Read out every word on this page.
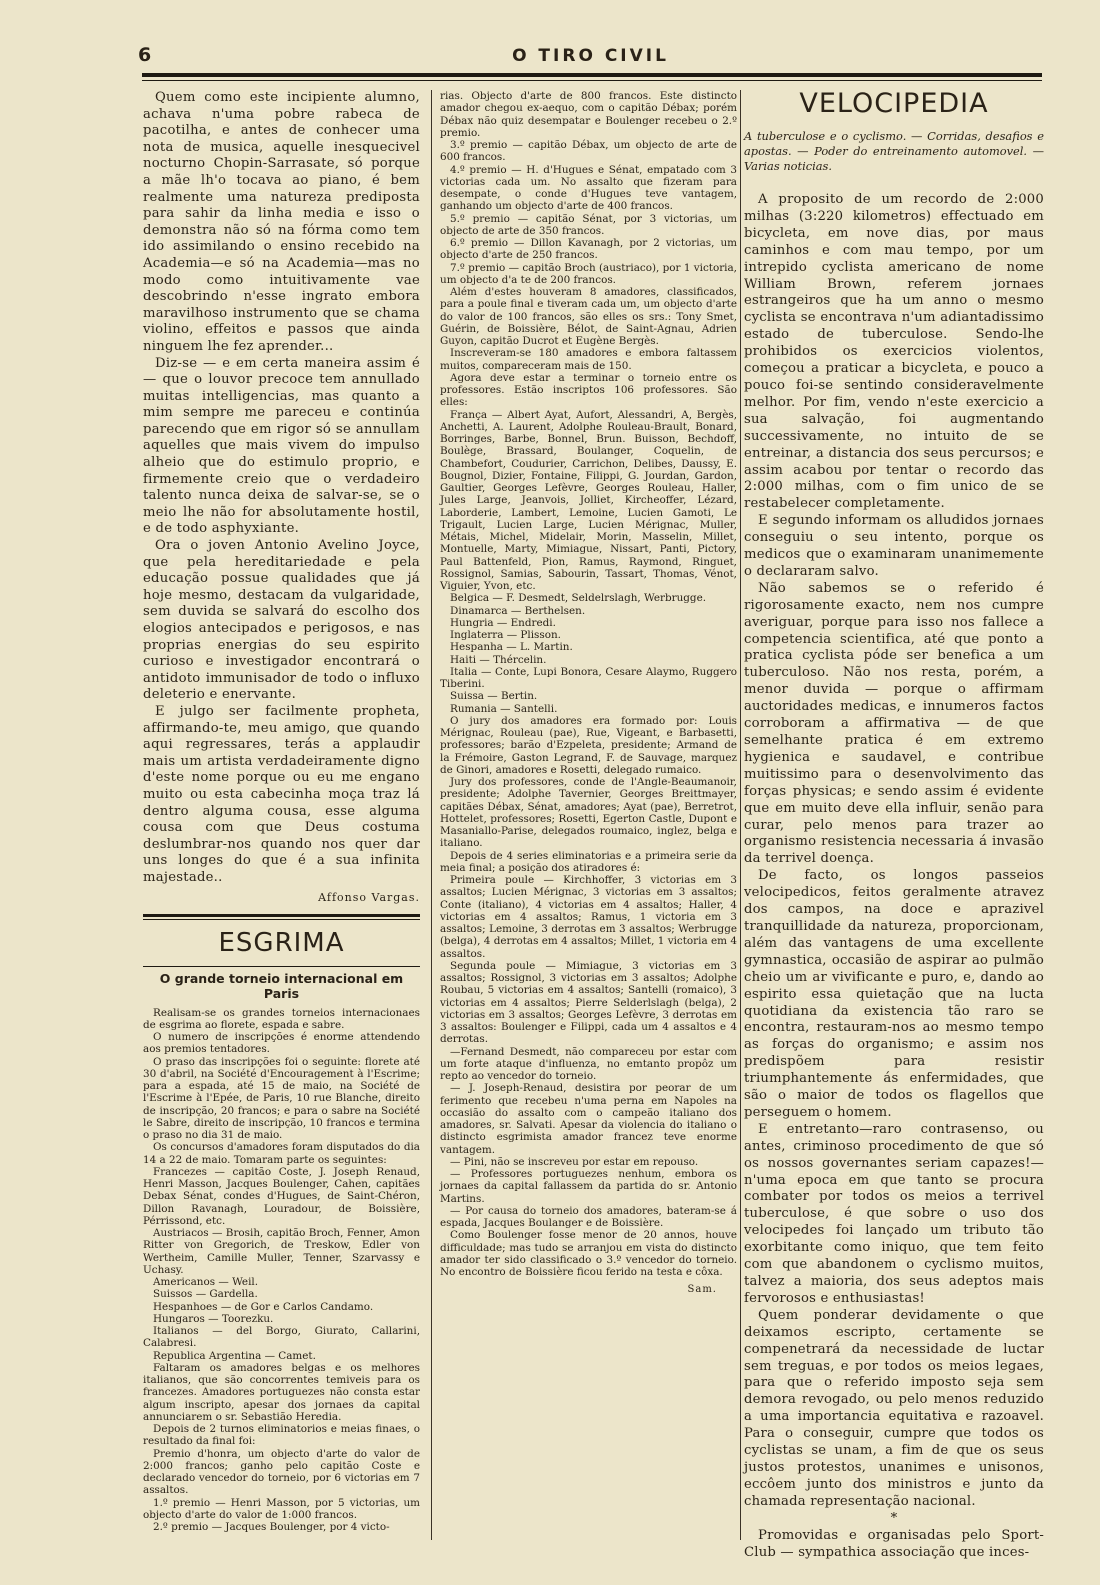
6	O TIRO CIVIL

Quem como este incipiente alumno, achava n'uma pobre rabeca de pacotilha, e antes de conhecer uma nota de musica, aquelle inesquecivel nocturno Chopin-Sarrasate, só porque a mãe lh'o tocava ao piano, é bem realmente uma natureza prediposta para sahir da linha media e isso o demonstra não só na fórma como tem ido assimilando o ensino recebido na Academia—e só na Academia—mas no modo como intuitivamente vae descobrindo n'esse ingrato embora maravilhoso instrumento que se chama violino, effeitos e passos que ainda ninguem lhe fez aprender...

Diz-se — e em certa maneira assim é — que o louvor precoce tem annullado muitas intelligencias, mas quanto a mim sempre me pareceu e continúa parecendo que em rigor só se annullam aquelles que mais vivem do impulso alheio que do estimulo proprio, e firmemente creio que o verdadeiro talento nunca deixa de salvar-se, se o meio lhe não for absolutamente hostil, e de todo asphyxiante.

Ora o joven Antonio Avelino Joyce, que pela hereditariedade e pela educação possue qualidades que já hoje mesmo, destacam da vulgaridade, sem duvida se salvará do escolho dos elogios antecipados e perigosos, e nas proprias energias do seu espirito curioso e investigador encontrará o antidoto immunisador de todo o influxo deleterio e enervante.

E julgo ser facilmente propheta, affirmando-te, meu amigo, que quando aqui regressares, terás a applaudir mais um artista verdadeiramente digno d'este nome porque ou eu me engano muito ou esta cabecinha moça traz lá dentro alguma cousa, esse alguma cousa com que Deus costuma deslumbrar-nos quando nos quer dar uns longes do que é a sua infinita majestade..

Affonso Vargas.
ESGRIMA
O grande torneio internacional em Paris

Realisam-se os grandes torneios internacionaes de esgrima ao florete, espada e sabre.

O numero de inscripções é enorme attendendo aos premios tentadores.

O praso das inscripções foi o seguinte: florete até 30 d'abril, na Société d'Encouragement à l'Escrime; para a espada, até 15 de maio, na Société de l'Escrime à l'Epée, de Paris, 10 rue Blanche, direito de inscripção, 20 francos; e para o sabre na Société le Sabre, direito de inscripção, 10 francos e termina o praso no dia 31 de maio.

Os concursos d'amadores foram disputados do dia 14 a 22 de maio. Tomaram parte os seguintes:

Francezes — capitão Coste, J. Joseph Renaud, Henri Masson, Jacques Boulenger, Cahen, capitães Debax Sénat, condes d'Hugues, de Saint-Chéron, Dillon Ravanagh, Louradour, de Boissière, Pérrissond, etc.

Austriacos — Brosih, capitão Broch, Fenner, Amon Ritter von Gregorich, de Treskow, Edler von Wertheim, Camille Muller, Tenner, Szarvassy e Uchasy.

Americanos — Weil.

Suissos — Gardella.

Hespanhoes — de Gor e Carlos Candamo.

Hungaros — Toorezku.

Italianos — del Borgo, Giurato, Callarini, Calabresi.

Republica Argentina — Camet.

Faltaram os amadores belgas e os melhores italianos, que são concorrentes temiveis para os francezes. Amadores portuguezes não consta estar algum inscripto, apesar dos jornaes da capital annunciarem o sr. Sebastião Heredia.

Depois de 2 turnos eliminatorios e meias finaes, o resultado da final foi:

Premio d'honra, um objecto d'arte do valor de 2:000 francos; ganho pelo capitão Coste e declarado vencedor do torneio, por 6 victorias em 7 assaltos.

1.º premio — Henri Masson, por 5 victorias, um objecto d'arte do valor de 1:000 francos.

2.º premio — Jacques Boulenger, por 4 victo-

rias. Objecto d'arte de 800 francos. Este distincto amador chegou ex-aequo, com o capitão Débax; porém Débax não quiz desempatar e Boulenger recebeu o 2.º premio.

3.º premio — capitão Débax, um objecto de arte de 600 francos.

4.º premio — H. d'Hugues e Sénat, empatado com 3 victorias cada um. No assalto que fizeram para desempate, o conde d'Hugues teve vantagem, ganhando um objecto d'arte de 400 francos.

5.º premio — capitão Sénat, por 3 victorias, um objecto de arte de 350 francos.

6.º premio — Dillon Kavanagh, por 2 victorias, um objecto d'arte de 250 francos.

7.º premio — capitão Broch (austriaco), por 1 victoria, um objecto d'a te de 200 francos.

Além d'estes houveram 8 amadores, classificados, para a poule final e tiveram cada um, um objecto d'arte do valor de 100 francos, são elles os srs.: Tony Smet, Guérin, de Boissière, Bélot, de Saint-Agnau, Adrien Guyon, capitão Ducrot et Eugène Bergès.

Inscreveram-se 180 amadores e embora faltassem muitos, compareceram mais de 150.

Agora deve estar a terminar o torneio entre os professores. Estão inscriptos 106 professores. São elles:

França — Albert Ayat, Aufort, Alessandri, A, Bergès, Anchetti, A. Laurent, Adolphe Rouleau-Brault, Bonard, Borringes, Barbe, Bonnel, Brun. Buisson, Bechdoff, Boulège, Brassard, Boulanger, Coquelin, de Chambefort, Coudurier, Carrichon, Delibes, Daussy, E. Bougnol, Dizier, Fontaine, Filippi, G. Jourdan, Gardon, Gaultier, Georges Lefèvre, Georges Rouleau, Haller, Jules Large, Jeanvois, Jolliet, Kircheoffer, Lézard, Laborderie, Lambert, Lemoine, Lucien Gamoti, Le Trigault, Lucien Large, Lucien Mérignac, Muller, Métais, Michel, Midelair, Morin, Masselin, Millet, Montuelle, Marty, Mimiague, Nissart, Panti, Pictory, Paul Battenfeld, Pion, Ramus, Raymond, Ringuet, Rossignol, Samias, Sabourin, Tassart, Thomas, Vénot, Viguier, Yvon, etc.

Belgica — F. Desmedt, Seldelrslagh, Werbrugge.

Dinamarca — Berthelsen.

Hungria — Endredi.

Inglaterra — Plisson.

Hespanha — L. Martin.

Haiti — Thércelin.

Italia — Conte, Lupi Bonora, Cesare Alaymo, Ruggero Tiberini.

Suissa — Bertin.

Rumania — Santelli.

O jury dos amadores era formado por: Louis Mérignac, Rouleau (pae), Rue, Vigeant, e Barbasetti, professores; barão d'Ezpeleta, presidente; Armand de la Frémoire, Gaston Legrand, F. de Sauvage, marquez de Ginori, amadores e Rosetti, delegado rumaico.

Jury dos professores, conde de l'Angle-Beaumanoir, presidente; Adolphe Tavernier, Georges Breittmayer, capitães Débax, Sénat, amadores; Ayat (pae), Berretrot, Hottelet, professores; Rosetti, Egerton Castle, Dupont e Masaniallo-Parise, delegados roumaico, inglez, belga e italiano.

Depois de 4 series eliminatorias e a primeira serie da meia final; a posição dos atiradores é:

Primeira poule — Kirchhoffer, 3 victorias em 3 assaltos; Lucien Mérignac, 3 victorias em 3 assaltos; Conte (italiano), 4 victorias em 4 assaltos; Haller, 4 victorias em 4 assaltos; Ramus, 1 victoria em 3 assaltos; Lemoine, 3 derrotas em 3 assaltos; Werbrugge (belga), 4 derrotas em 4 assaltos; Millet, 1 victoria em 4 assaltos.

Segunda poule — Mimiague, 3 victorias em 3 assaltos; Rossignol, 3 victorias em 3 assaltos; Adolphe Roubau, 5 victorias em 4 assaltos; Santelli (romaico), 3 victorias em 4 assaltos; Pierre Selderlslagh (belga), 2 victorias em 3 assaltos; Georges Lefèvre, 3 derrotas em 3 assaltos: Boulenger e Filippi, cada um 4 assaltos e 4 derrotas.

—Fernand Desmedt, não compareceu por estar com um forte ataque d'influenza, no emtanto propôz um repto ao vencedor do torneio.

— J. Joseph-Renaud, desistira por peorar de um ferimento que recebeu n'uma perna em Napoles na occasião do assalto com o campeão italiano dos amadores, sr. Salvati. Apesar da violencia do italiano o distincto esgrimista amador francez teve enorme vantagem.

— Pini, não se inscreveu por estar em repouso.

— Professores portuguezes nenhum, embora os jornaes da capital fallassem da partida do sr. Antonio Martins.

— Por causa do torneio dos amadores, bateram-se á espada, Jacques Boulanger e de Boissière.

Como Boulenger fosse menor de 20 annos, houve difficuldade; mas tudo se arranjou em vista do distincto amador ter sido classificado o 3.º vencedor do torneio. No encontro de Boissière ficou ferido na testa e côxa.

Sam.
VELOCIPEDIA
A tuberculose e o cyclismo. — Corridas, desafios e apostas. — Poder do entreinamento automovel. — Varias noticias.

A proposito de um recordo de 2:000 milhas (3:220 kilometros) effectuado em bicycleta, em nove dias, por maus caminhos e com mau tempo, por um intrepido cyclista americano de nome William Brown, referem jornaes estrangeiros que ha um anno o mesmo cyclista se encontrava n'um adiantadissimo estado de tuberculose. Sendo-lhe prohibidos os exercicios violentos, começou a praticar a bicycleta, e pouco a pouco foi-se sentindo consideravelmente melhor. Por fim, vendo n'este exercicio a sua salvação, foi augmentando successivamente, no intuito de se entreinar, a distancia dos seus percursos; e assim acabou por tentar o recordo das 2:000 milhas, com o fim unico de se restabelecer completamente.

E segundo informam os alludidos jornaes conseguiu o seu intento, porque os medicos que o examinaram unanimemente o declararam salvo.

Não sabemos se o referido é rigorosamente exacto, nem nos cumpre averiguar, porque para isso nos fallece a competencia scientifica, até que ponto a pratica cyclista póde ser benefica a um tuberculoso. Não nos resta, porém, a menor duvida — porque o affirmam auctoridades medicas, e innumeros factos corroboram a affirmativa — de que semelhante pratica é em extremo hygienica e saudavel, e contribue muitissimo para o desenvolvimento das forças physicas; e sendo assim é evidente que em muito deve ella influir, senão para curar, pelo menos para trazer ao organismo resistencia necessaria á invasão da terrivel doença.

De facto, os longos passeios velocipedicos, feitos geralmente atravez dos campos, na doce e aprazivel tranquillidade da natureza, proporcionam, além das vantagens de uma excellente gymnastica, occasião de aspirar ao pulmão cheio um ar vivificante e puro, e, dando ao espirito essa quietação que na lucta quotidiana da existencia tão raro se encontra, restauram-nos ao mesmo tempo as forças do organismo; e assim nos predispõem para resistir triumphantemente ás enfermidades, que são o maior de todos os flagellos que perseguem o homem.

E entretanto—raro contrasenso, ou antes, criminoso procedimento de que só os nossos governantes seriam capazes!—n'uma epoca em que tanto se procura combater por todos os meios a terrivel tuberculose, é que sobre o uso dos velocipedes foi lançado um tributo tão exorbitante como iniquo, que tem feito com que abandonem o cyclismo muitos, talvez a maioria, dos seus adeptos mais fervorosos e enthusiastas!

Quem ponderar devidamente o que deixamos escripto, certamente se compenetrará da necessidade de luctar sem treguas, e por todos os meios legaes, para que o referido imposto seja sem demora revogado, ou pelo menos reduzido a uma importancia equitativa e razoavel. Para o conseguir, cumpre que todos os cyclistas se unam, a fim de que os seus justos protestos, unanimes e unisonos, eccôem junto dos ministros e junto da chamada representação nacional.

*

Promovidas e organisadas pelo Sport-Club — sympathica associação que inces-
